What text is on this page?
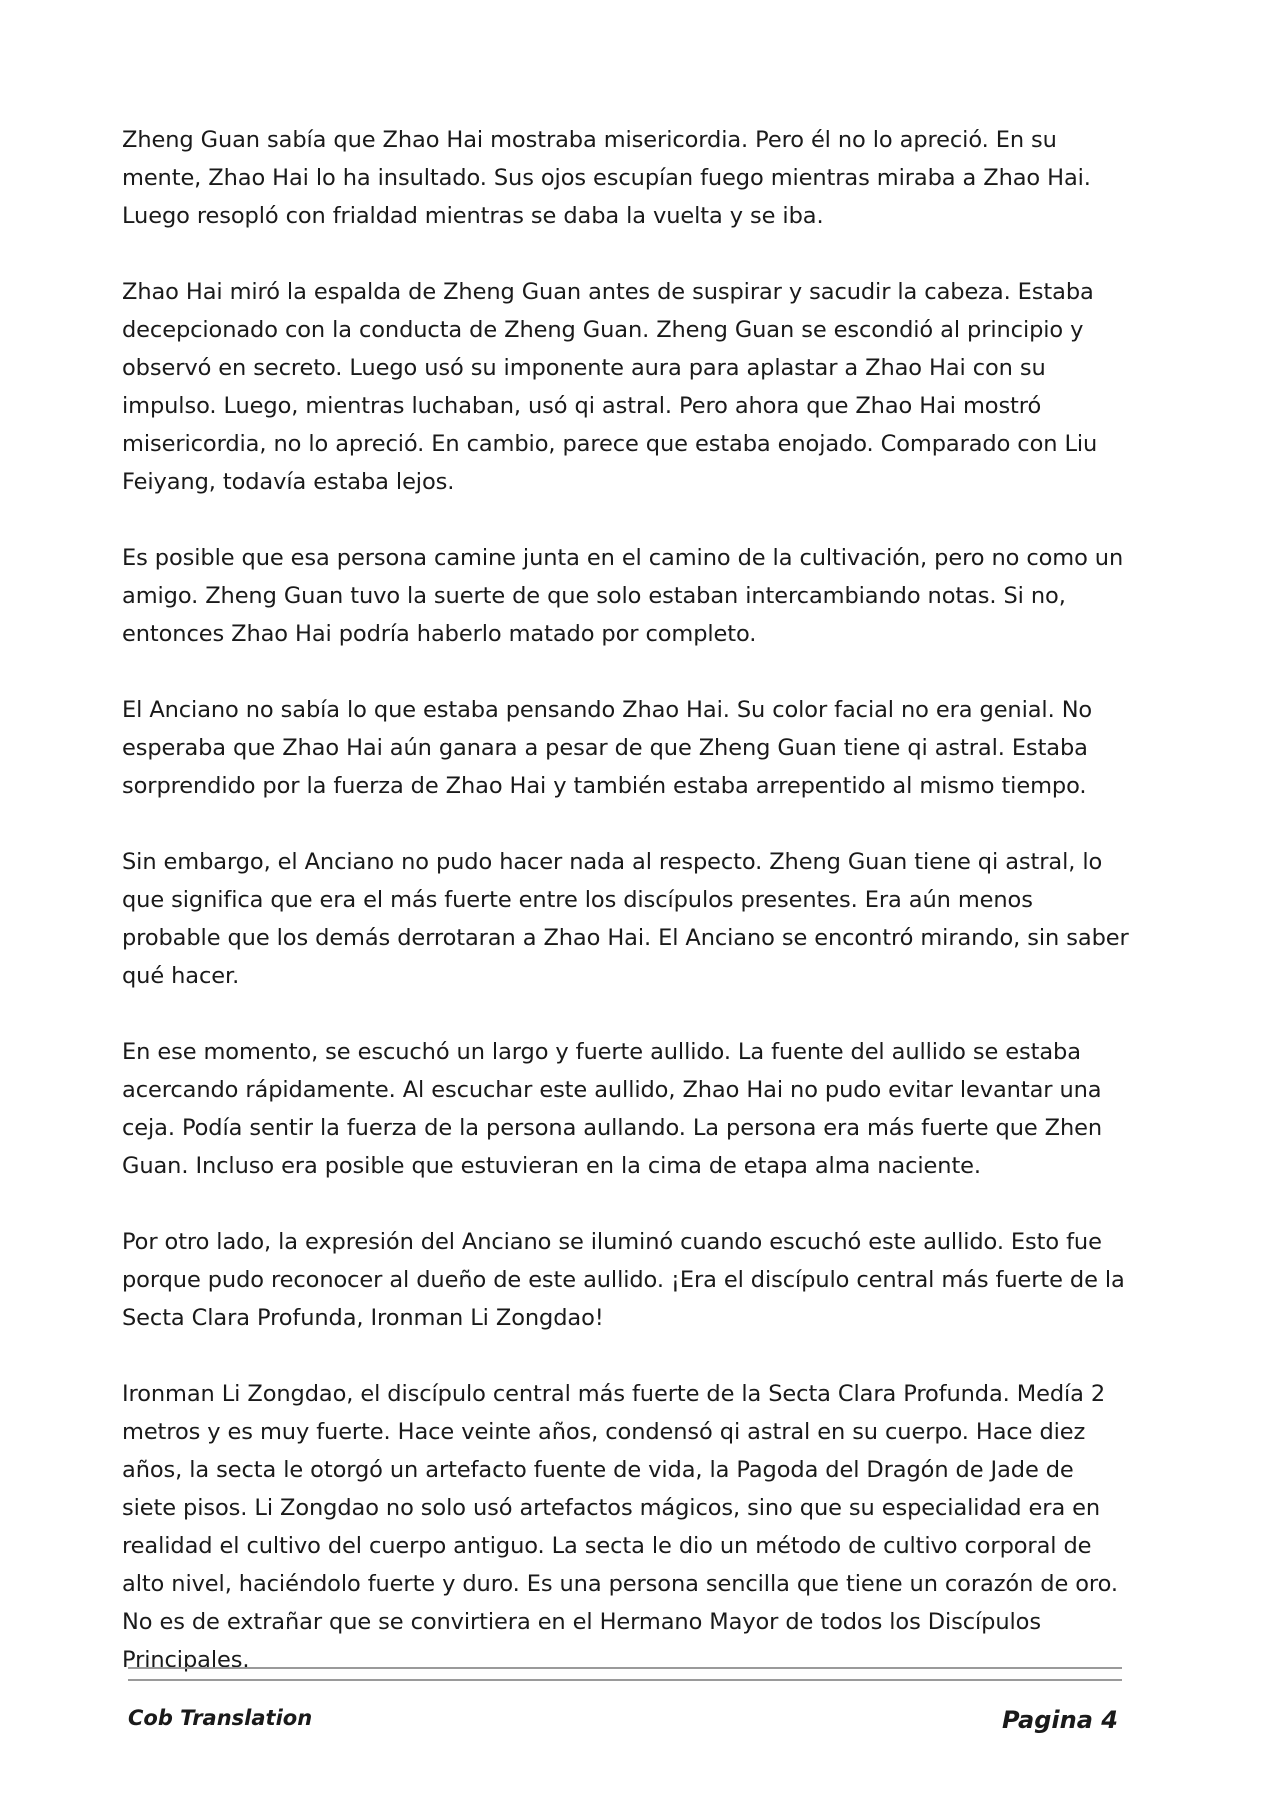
Zheng Guan sabía que Zhao Hai mostraba misericordia. Pero él no lo apreció. En su mente, Zhao Hai lo ha insultado. Sus ojos escupían fuego mientras miraba a Zhao Hai. Luego resopló con frialdad mientras se daba la vuelta y se iba.

Zhao Hai miró la espalda de Zheng Guan antes de suspirar y sacudir la cabeza. Estaba decepcionado con la conducta de Zheng Guan. Zheng Guan se escondió al principio y observó en secreto. Luego usó su imponente aura para aplastar a Zhao Hai con su impulso. Luego, mientras luchaban, usó qi astral. Pero ahora que Zhao Hai mostró misericordia, no lo apreció. En cambio, parece que estaba enojado. Comparado con Liu Feiyang, todavía estaba lejos.

Es posible que esa persona camine junta en el camino de la cultivación, pero no como un amigo. Zheng Guan tuvo la suerte de que solo estaban intercambiando notas. Si no, entonces Zhao Hai podría haberlo matado por completo.

El Anciano no sabía lo que estaba pensando Zhao Hai. Su color facial no era genial. No esperaba que Zhao Hai aún ganara a pesar de que Zheng Guan tiene qi astral. Estaba sorprendido por la fuerza de Zhao Hai y también estaba arrepentido al mismo tiempo.

Sin embargo, el Anciano no pudo hacer nada al respecto. Zheng Guan tiene qi astral, lo que significa que era el más fuerte entre los discípulos presentes. Era aún menos probable que los demás derrotaran a Zhao Hai. El Anciano se encontró mirando, sin saber qué hacer.

En ese momento, se escuchó un largo y fuerte aullido. La fuente del aullido se estaba acercando rápidamente. Al escuchar este aullido, Zhao Hai no pudo evitar levantar una ceja. Podía sentir la fuerza de la persona aullando. La persona era más fuerte que Zhen Guan. Incluso era posible que estuvieran en la cima de etapa alma naciente.

Por otro lado, la expresión del Anciano se iluminó cuando escuchó este aullido. Esto fue porque pudo reconocer al dueño de este aullido. ¡Era el discípulo central más fuerte de la Secta Clara Profunda, Ironman Li Zongdao!

Ironman Li Zongdao, el discípulo central más fuerte de la Secta Clara Profunda. Medía 2 metros y es muy fuerte. Hace veinte años, condensó qi astral en su cuerpo. Hace diez años, la secta le otorgó un artefacto fuente de vida, la Pagoda del Dragón de Jade de siete pisos. Li Zongdao no solo usó artefactos mágicos, sino que su especialidad era en realidad el cultivo del cuerpo antiguo. La secta le dio un método de cultivo corporal de alto nivel, haciéndolo fuerte y duro. Es una persona sencilla que tiene un corazón de oro. No es de extrañar que se convirtiera en el Hermano Mayor de todos los Discípulos Principales.

Cob Translation	Pagina 4
